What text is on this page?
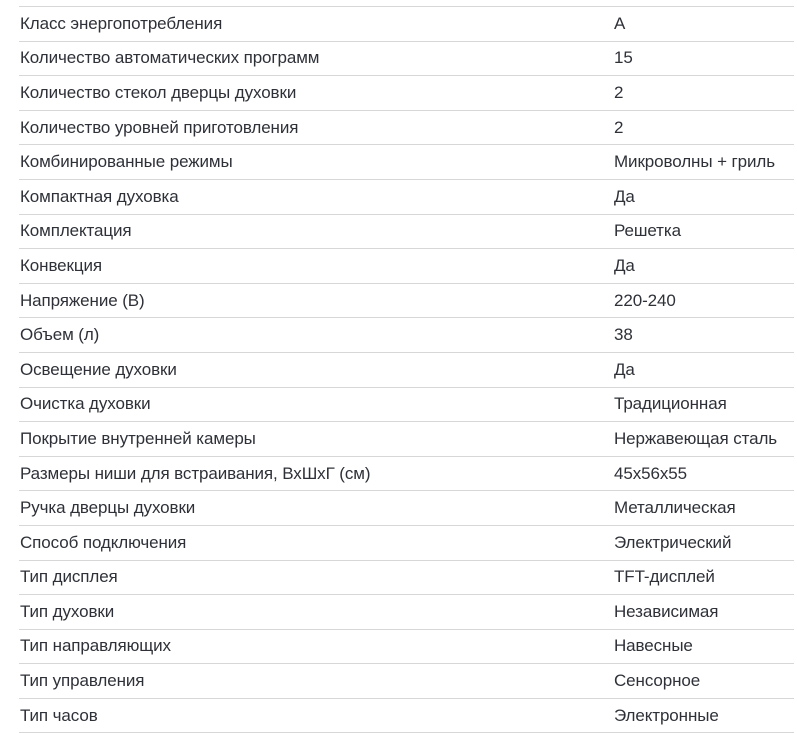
Класс энергопотребления	А
Количество автоматических программ	15
Количество стекол дверцы духовки	2
Количество уровней приготовления	2
Комбинированные режимы	Микроволны + гриль
Компактная духовка	Да
Комплектация	Решетка
Конвекция	Да
Напряжение (В)	220-240
Объем (л)	38
Освещение духовки	Да
Очистка духовки	Традиционная
Покрытие внутренней камеры	Нержавеющая сталь
Размеры ниши для встраивания, ВхШхГ (см)	45х56х55
Ручка дверцы духовки	Металлическая
Способ подключения	Электрический
Тип дисплея	TFT-дисплей
Тип духовки	Независимая
Тип направляющих	Навесные
Тип управления	Сенсорное
Тип часов	Электронные
